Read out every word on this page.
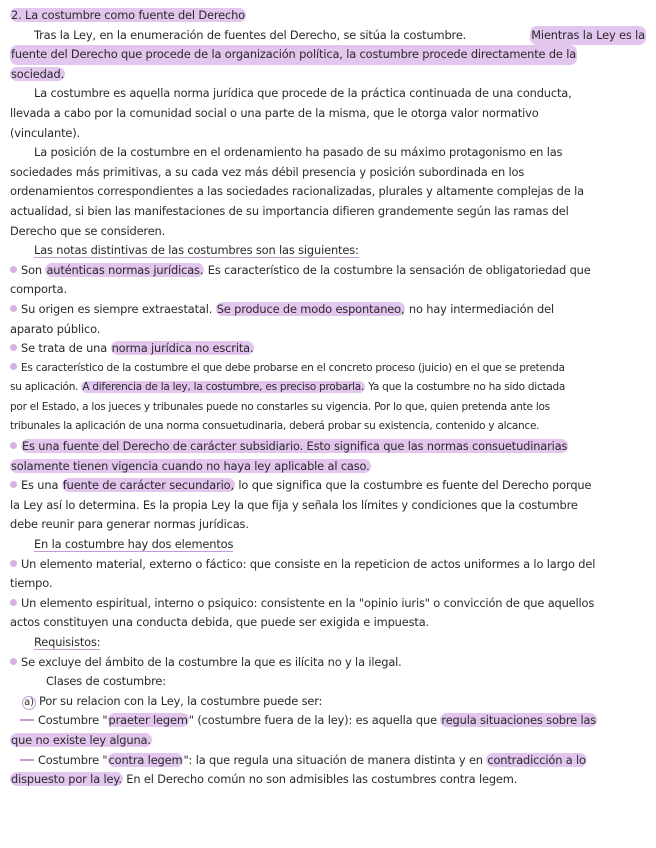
2. La costumbre como fuente del Derecho
Tras la Ley, en la enumeración de fuentes del Derecho, se sitúa la costumbre.	Mientras la Ley es la
fuente del Derecho que procede de la organización política, la costumbre procede directamente de la
sociedad.
La costumbre es aquella norma jurídica que procede de la práctica continuada de una conducta,
llevada a cabo por la comunidad social o una parte de la misma, que le otorga valor normativo
(vinculante).
La posición de la costumbre en el ordenamiento ha pasado de su máximo protagonismo en las
sociedades más primitivas, a su cada vez más débil presencia y posición subordinada en los
ordenamientos correspondientes a las sociedades racionalizadas, plurales y altamente complejas de la
actualidad, si bien las manifestaciones de su importancia difieren grandemente según las ramas del
Derecho que se consideren.
Las notas distintivas de las costumbres son las siguientes:
Son auténticas normas jurídicas. Es característico de la costumbre la sensación de obligatoriedad que
comporta.
Su origen es siempre extraestatal. Se produce de modo espontaneo, no hay intermediación del
aparato público.
Se trata de una norma jurídica no escrita.
Es característico de la costumbre el que debe probarse en el concreto proceso (juicio) en el que se pretenda
su aplicación. A diferencia de la ley, la costumbre, es preciso probarla. Ya que la costumbre no ha sido dictada
por el Estado, a los jueces y tribunales puede no constarles su vigencia. Por lo que, quien pretenda ante los
tribunales la aplicación de una norma consuetudinaria, deberá probar su existencia, contenido y alcance.
Es una fuente del Derecho de carácter subsidiario. Esto significa que las normas consuetudinarias
solamente tienen vigencia cuando no haya ley aplicable al caso.
Es una fuente de carácter secundario, lo que significa que la costumbre es fuente del Derecho porque
la Ley así lo determina. Es la propia Ley la que fija y señala los límites y condiciones que la costumbre
debe reunir para generar normas jurídicas.
En la costumbre hay dos elementos
Un elemento material, externo o fáctico: que consiste en la repeticion de actos uniformes a lo largo del
tiempo.
Un elemento espiritual, interno o psiquico: consistente en la "opinio iuris" o convicción de que aquellos
actos constituyen una conducta debida, que puede ser exigida e impuesta.
Requisistos:
Se excluye del ámbito de la costumbre la que es ilícita no y la ilegal.
Clases de costumbre:
a) Por su relacion con la Ley, la costumbre puede ser:
Costumbre "praeter legem" (costumbre fuera de la ley): es aquella que regula situaciones sobre las
que no existe ley alguna.
Costumbre "contra legem": la que regula una situación de manera distinta y en contradicción a lo
dispuesto por la ley. En el Derecho común no son admisibles las costumbres contra legem.
